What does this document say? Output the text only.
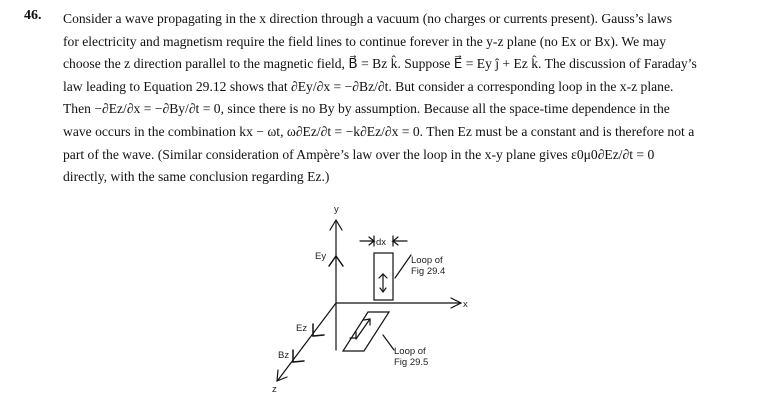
46. Consider a wave propagating in the x direction through a vacuum (no charges or currents present). Gauss’s laws
for electricity and magnetism require the field lines to continue forever in the y-z plane (no Ex or Bx). We may
choose the z direction parallel to the magnetic field, B⃗ = Bz k̂. Suppose E⃗ = Ey ĵ + Ez k̂. The discussion of Faraday’s
law leading to Equation 29.12 shows that ∂Ey/∂x = −∂Bz/∂t. But consider a corresponding loop in the x-z plane.
Then −∂Ez/∂x = −∂By/∂t = 0, since there is no By by assumption. Because all the space-time dependence in the
wave occurs in the combination kx − ωt, ω∂Ez/∂t = −k∂Ez/∂x = 0. Then Ez must be a constant and is therefore not a
part of the wave. (Similar consideration of Ampère’s law over the loop in the x-y plane gives ε0μ0∂Ez/∂t = 0
directly, with the same conclusion regarding Ez.)
y
x
z
Ey
Ez
Bz
dx
Loop of
Fig 29.4
Loop of
Fig 29.5
